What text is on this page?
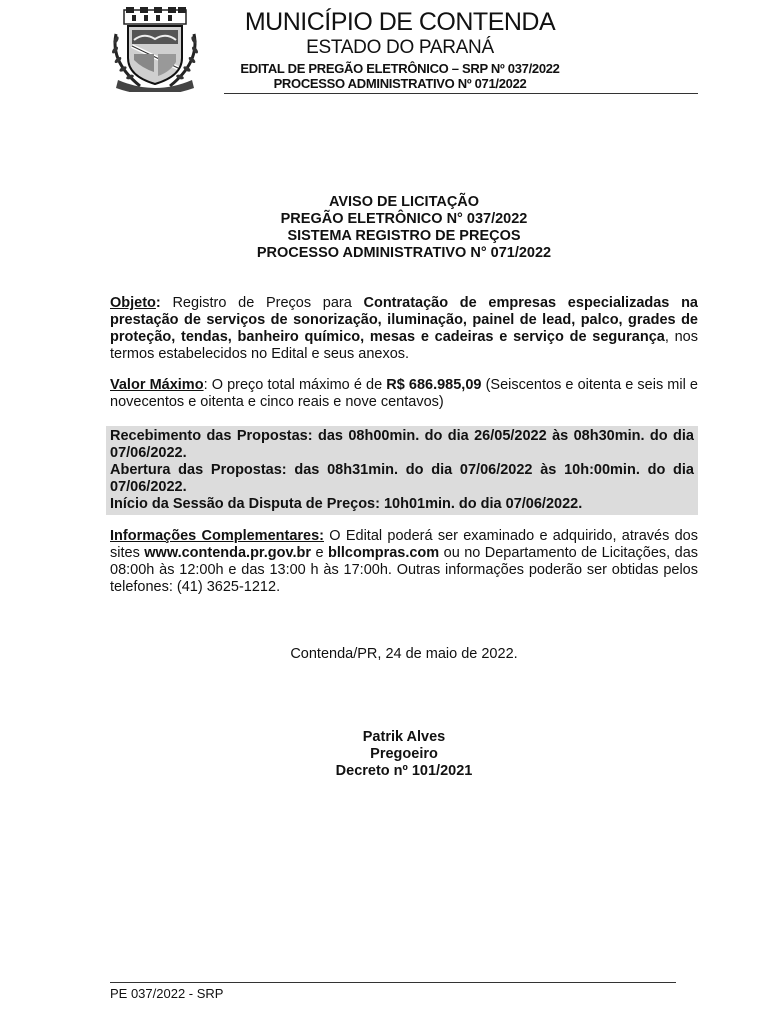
MUNICÍPIO DE CONTENDA
ESTADO DO PARANÁ
EDITAL DE PREGÃO ELETRÔNICO – SRP Nº 037/2022
PROCESSO ADMINISTRATIVO Nº 071/2022
AVISO DE LICITAÇÃO
PREGÃO ELETRÔNICO N° 037/2022
SISTEMA REGISTRO DE PREÇOS
PROCESSO ADMINISTRATIVO N° 071/2022
Objeto: Registro de Preços para Contratação de empresas especializadas na prestação de serviços de sonorização, iluminação, painel de lead, palco, grades de proteção, tendas, banheiro químico, mesas e cadeiras e serviço de segurança, nos termos estabelecidos no Edital e seus anexos.
Valor Máximo: O preço total máximo é de R$ 686.985,09 (Seiscentos e oitenta e seis mil e novecentos e oitenta e cinco reais e nove centavos)
Recebimento das Propostas: das 08h00min. do dia 26/05/2022 às 08h30min. do dia 07/06/2022.
Abertura das Propostas: das 08h31min. do dia 07/06/2022 às 10h:00min. do dia 07/06/2022.
Início da Sessão da Disputa de Preços: 10h01min. do dia 07/06/2022.
Informações Complementares: O Edital poderá ser examinado e adquirido, através dos sites www.contenda.pr.gov.br e bllcompras.com ou no Departamento de Licitações, das 08:00h às 12:00h e das 13:00 h às 17:00h. Outras informações poderão ser obtidas pelos telefones: (41) 3625-1212.
Contenda/PR, 24 de maio de 2022.
Patrik Alves
Pregoeiro
Decreto nº 101/2021
PE 037/2022 - SRP
